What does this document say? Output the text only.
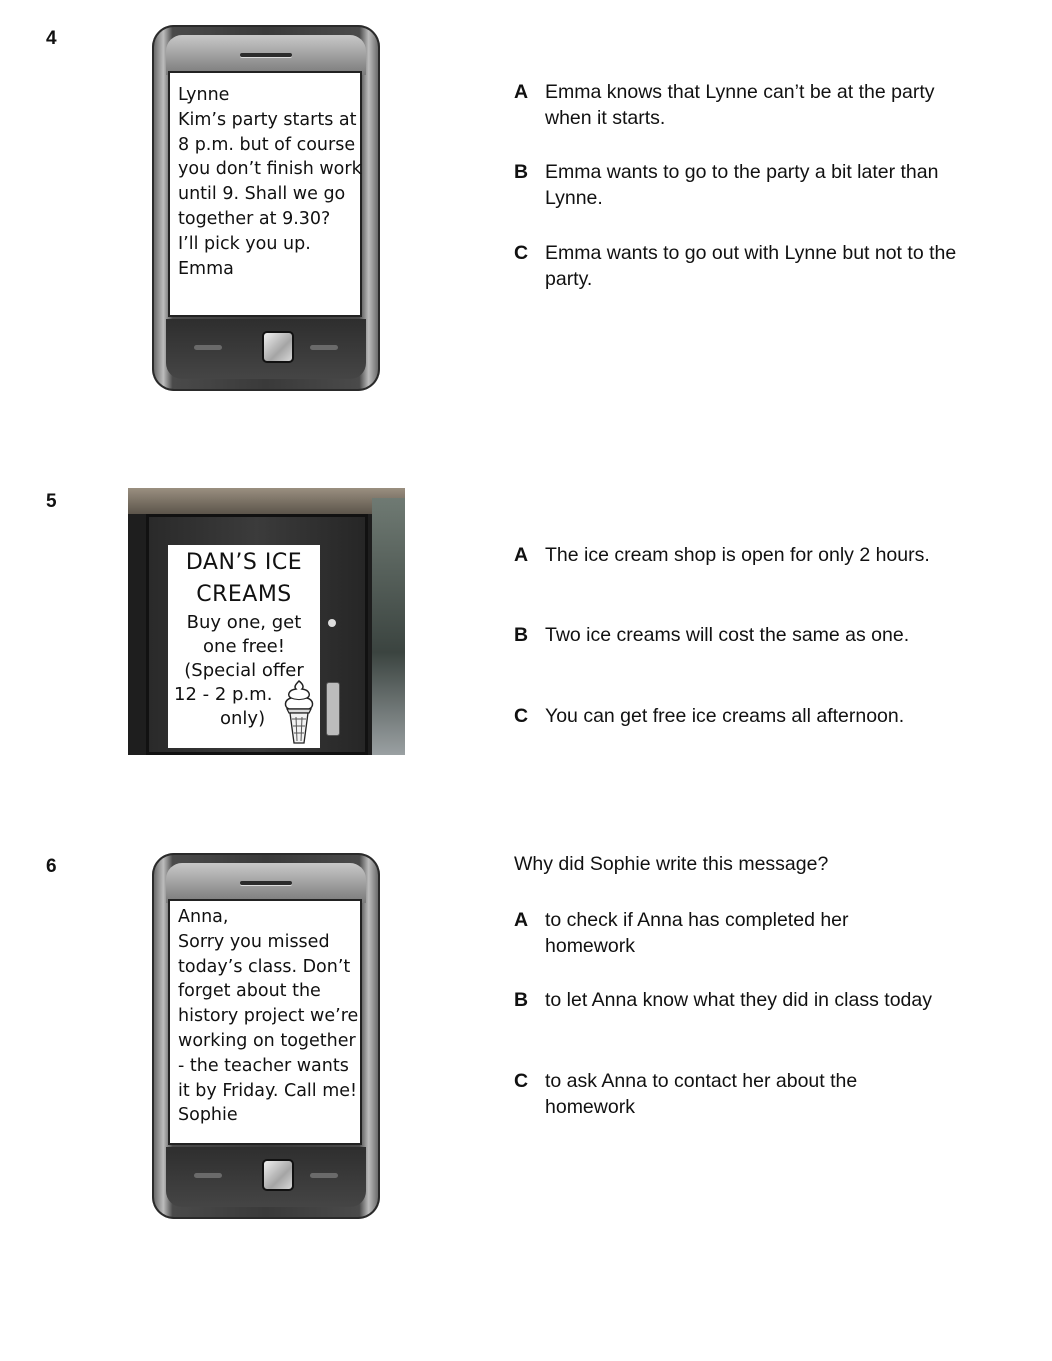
4
Lynne
Kim’s party starts at
8 p.m. but of course
you don’t finish work
until 9. Shall we go
together at 9.30?
I’ll pick you up.
Emma
A Emma knows that Lynne can’t be at the party when it starts.
B Emma wants to go to the party a bit later than Lynne.
C Emma wants to go out with Lynne but not to the party.
5
DAN’S ICE
CREAMS
Buy one, get
one free!
(Special offer
12 - 2 p.m.
only)
A The ice cream shop is open for only 2 hours.
B Two ice creams will cost the same as one.
C You can get free ice creams all afternoon.
6
Anna,
Sorry you missed
today’s class. Don’t
forget about the
history project we’re
working on together
- the teacher wants
it by Friday. Call me!
Sophie
Why did Sophie write this message?
A to check if Anna has completed her homework
B to let Anna know what they did in class today
C to ask Anna to contact her about the homework
